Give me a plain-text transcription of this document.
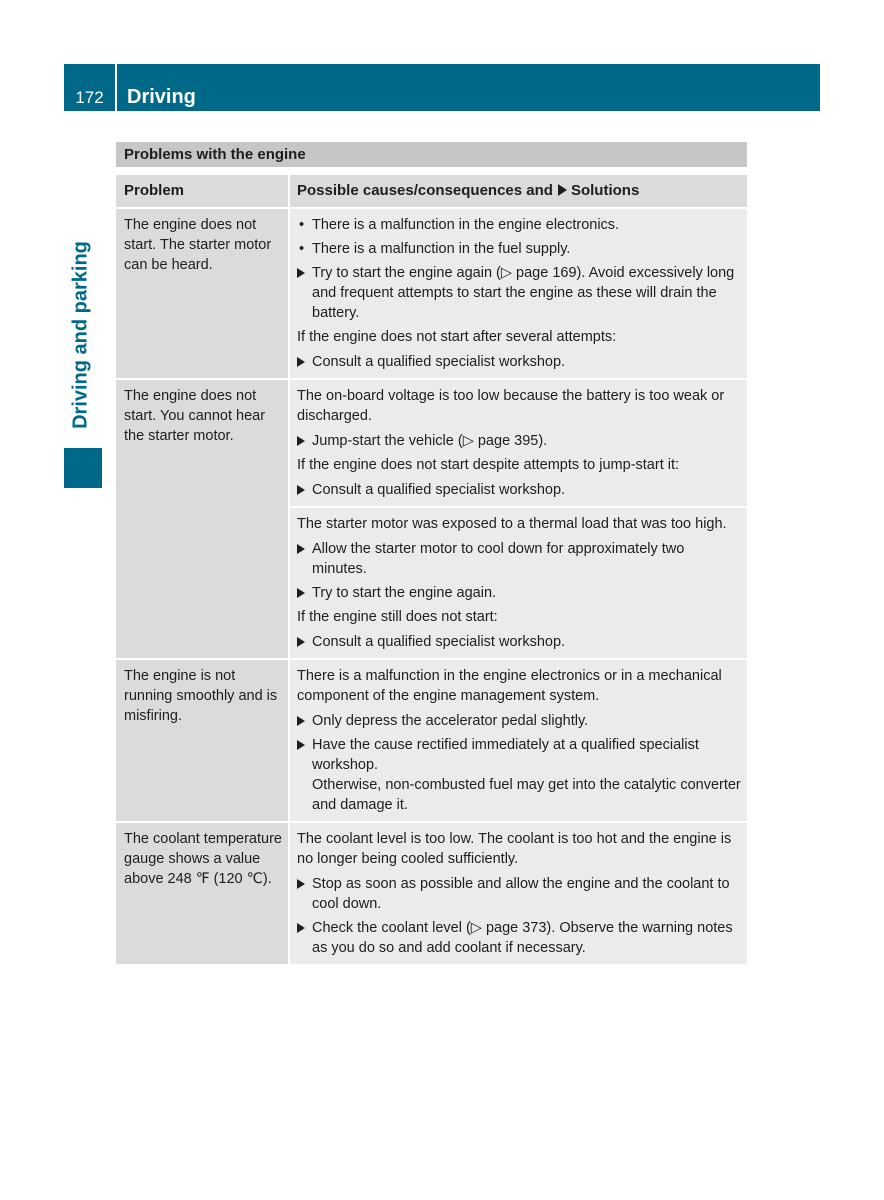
172	Driving
Driving and parking
Problems with the engine
Problem	Possible causes/consequences and Solutions
The engine does not start. The starter motor can be heard.
• There is a malfunction in the engine electronics.
• There is a malfunction in the fuel supply.
Try to start the engine again (▷ page 169). Avoid excessively long and frequent attempts to start the engine as these will drain the battery.
If the engine does not start after several attempts:
Consult a qualified specialist workshop.
The engine does not start. You cannot hear the starter motor.
The on-board voltage is too low because the battery is too weak or discharged.
Jump-start the vehicle (▷ page 395).
If the engine does not start despite attempts to jump-start it:
Consult a qualified specialist workshop.
The starter motor was exposed to a thermal load that was too high.
Allow the starter motor to cool down for approximately two minutes.
Try to start the engine again.
If the engine still does not start:
Consult a qualified specialist workshop.
The engine is not running smoothly and is misfiring.
There is a malfunction in the engine electronics or in a mechanical component of the engine management system.
Only depress the accelerator pedal slightly.
Have the cause rectified immediately at a qualified specialist workshop.
Otherwise, non-combusted fuel may get into the catalytic converter and damage it.
The coolant temperature gauge shows a value above 248 ℉ (120 ℃).
The coolant level is too low. The coolant is too hot and the engine is no longer being cooled sufficiently.
Stop as soon as possible and allow the engine and the coolant to cool down.
Check the coolant level (▷ page 373). Observe the warning notes as you do so and add coolant if necessary.
